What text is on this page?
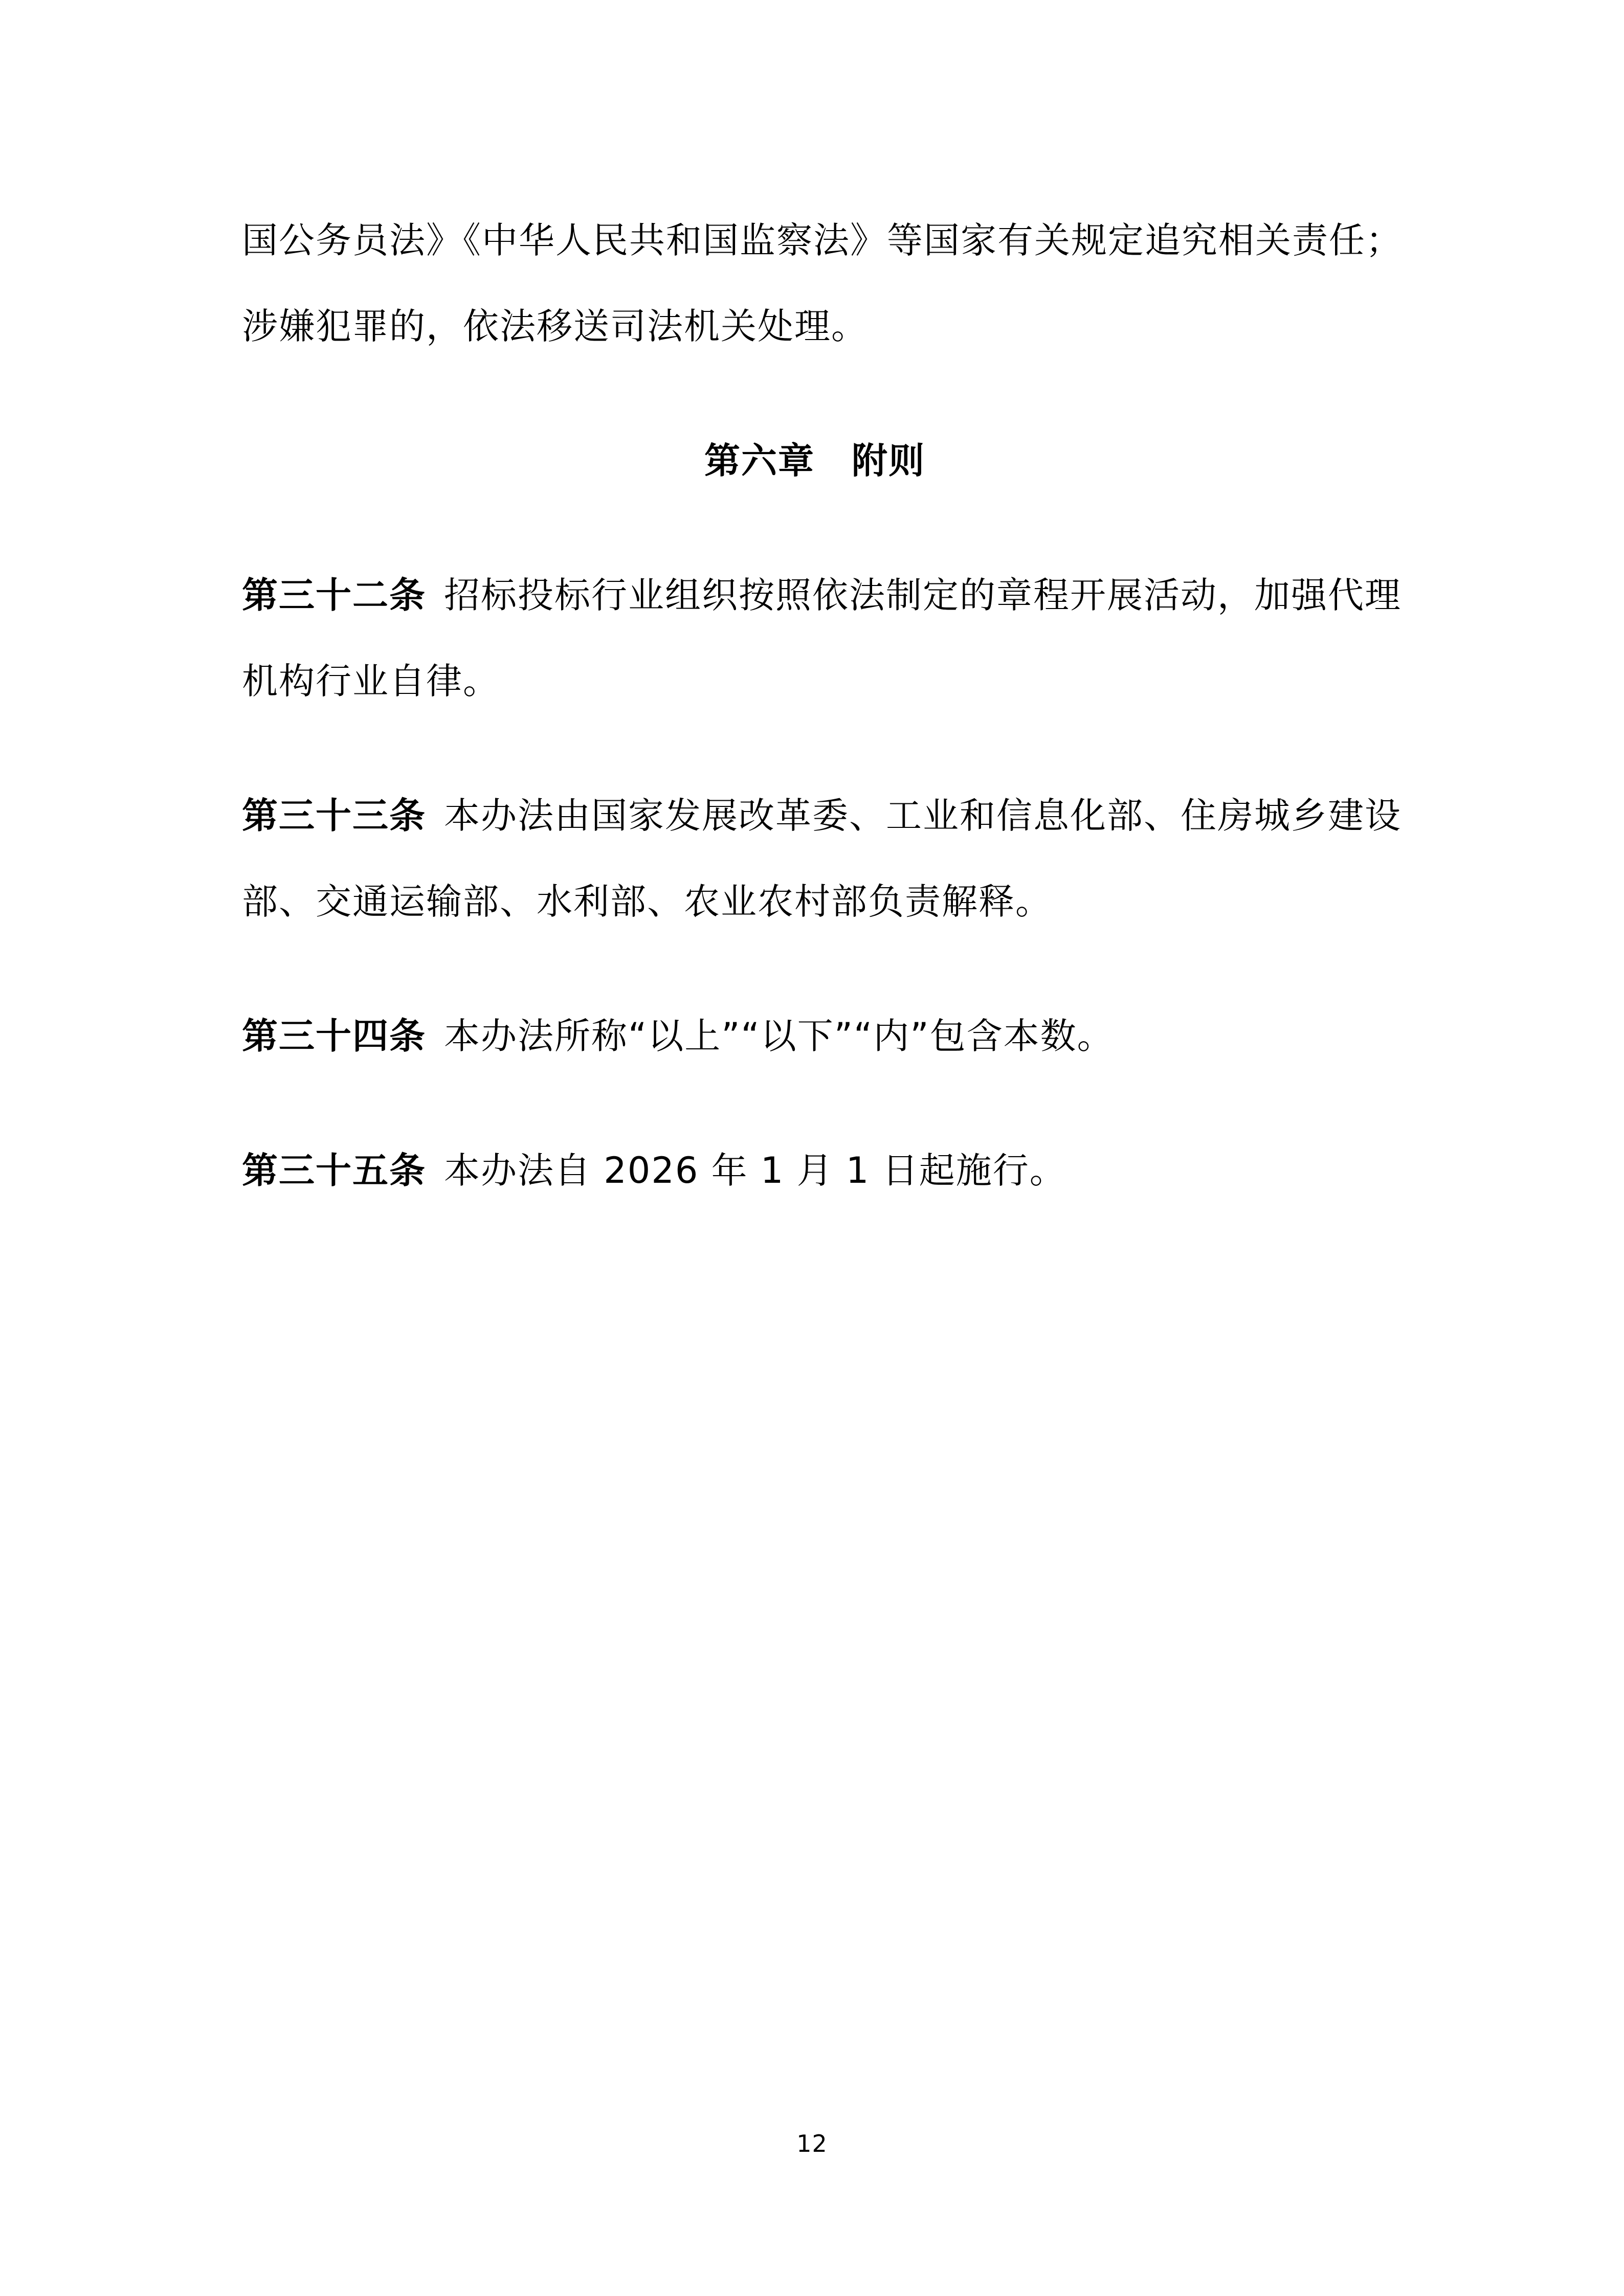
国公务员法》《中华人民共和国监察法》等国家有关规定追究相关责任；
涉嫌犯罪的，依法移送司法机关处理。

第六章　附则

第三十二条 招标投标行业组织按照依法制定的章程开展活动，加强代理
机构行业自律。

第三十三条 本办法由国家发展改革委、工业和信息化部、住房城乡建设
部、交通运输部、水利部、农业农村部负责解释。

第三十四条 本办法所称“以上”“以下”“内”包含本数。

第三十五条 本办法自 2026 年 1 月 1 日起施行。

12
